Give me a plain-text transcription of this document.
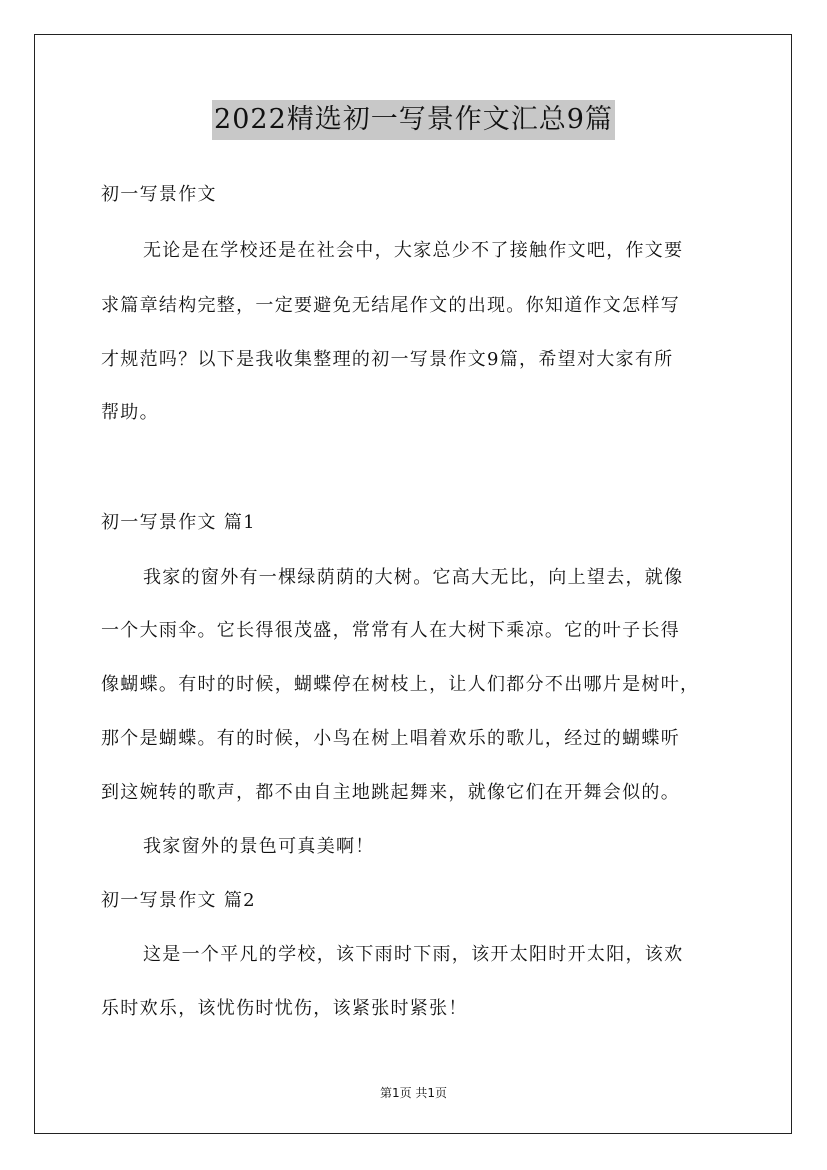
2022精选初一写景作文汇总9篇
初一写景作文
无论是在学校还是在社会中，大家总少不了接触作文吧，作文要
求篇章结构完整，一定要避免无结尾作文的出现。你知道作文怎样写
才规范吗？以下是我收集整理的初一写景作文9篇，希望对大家有所
帮助。
初一写景作文 篇1
我家的窗外有一棵绿荫荫的大树。它高大无比，向上望去，就像
一个大雨伞。它长得很茂盛，常常有人在大树下乘凉。它的叶子长得
像蝴蝶。有时的时候，蝴蝶停在树枝上，让人们都分不出哪片是树叶，
那个是蝴蝶。有的时候，小鸟在树上唱着欢乐的歌儿，经过的蝴蝶听
到这婉转的歌声，都不由自主地跳起舞来，就像它们在开舞会似的。
我家窗外的景色可真美啊！
初一写景作文 篇2
这是一个平凡的学校，该下雨时下雨，该开太阳时开太阳，该欢
乐时欢乐，该忧伤时忧伤，该紧张时紧张！
第1页 共1页
